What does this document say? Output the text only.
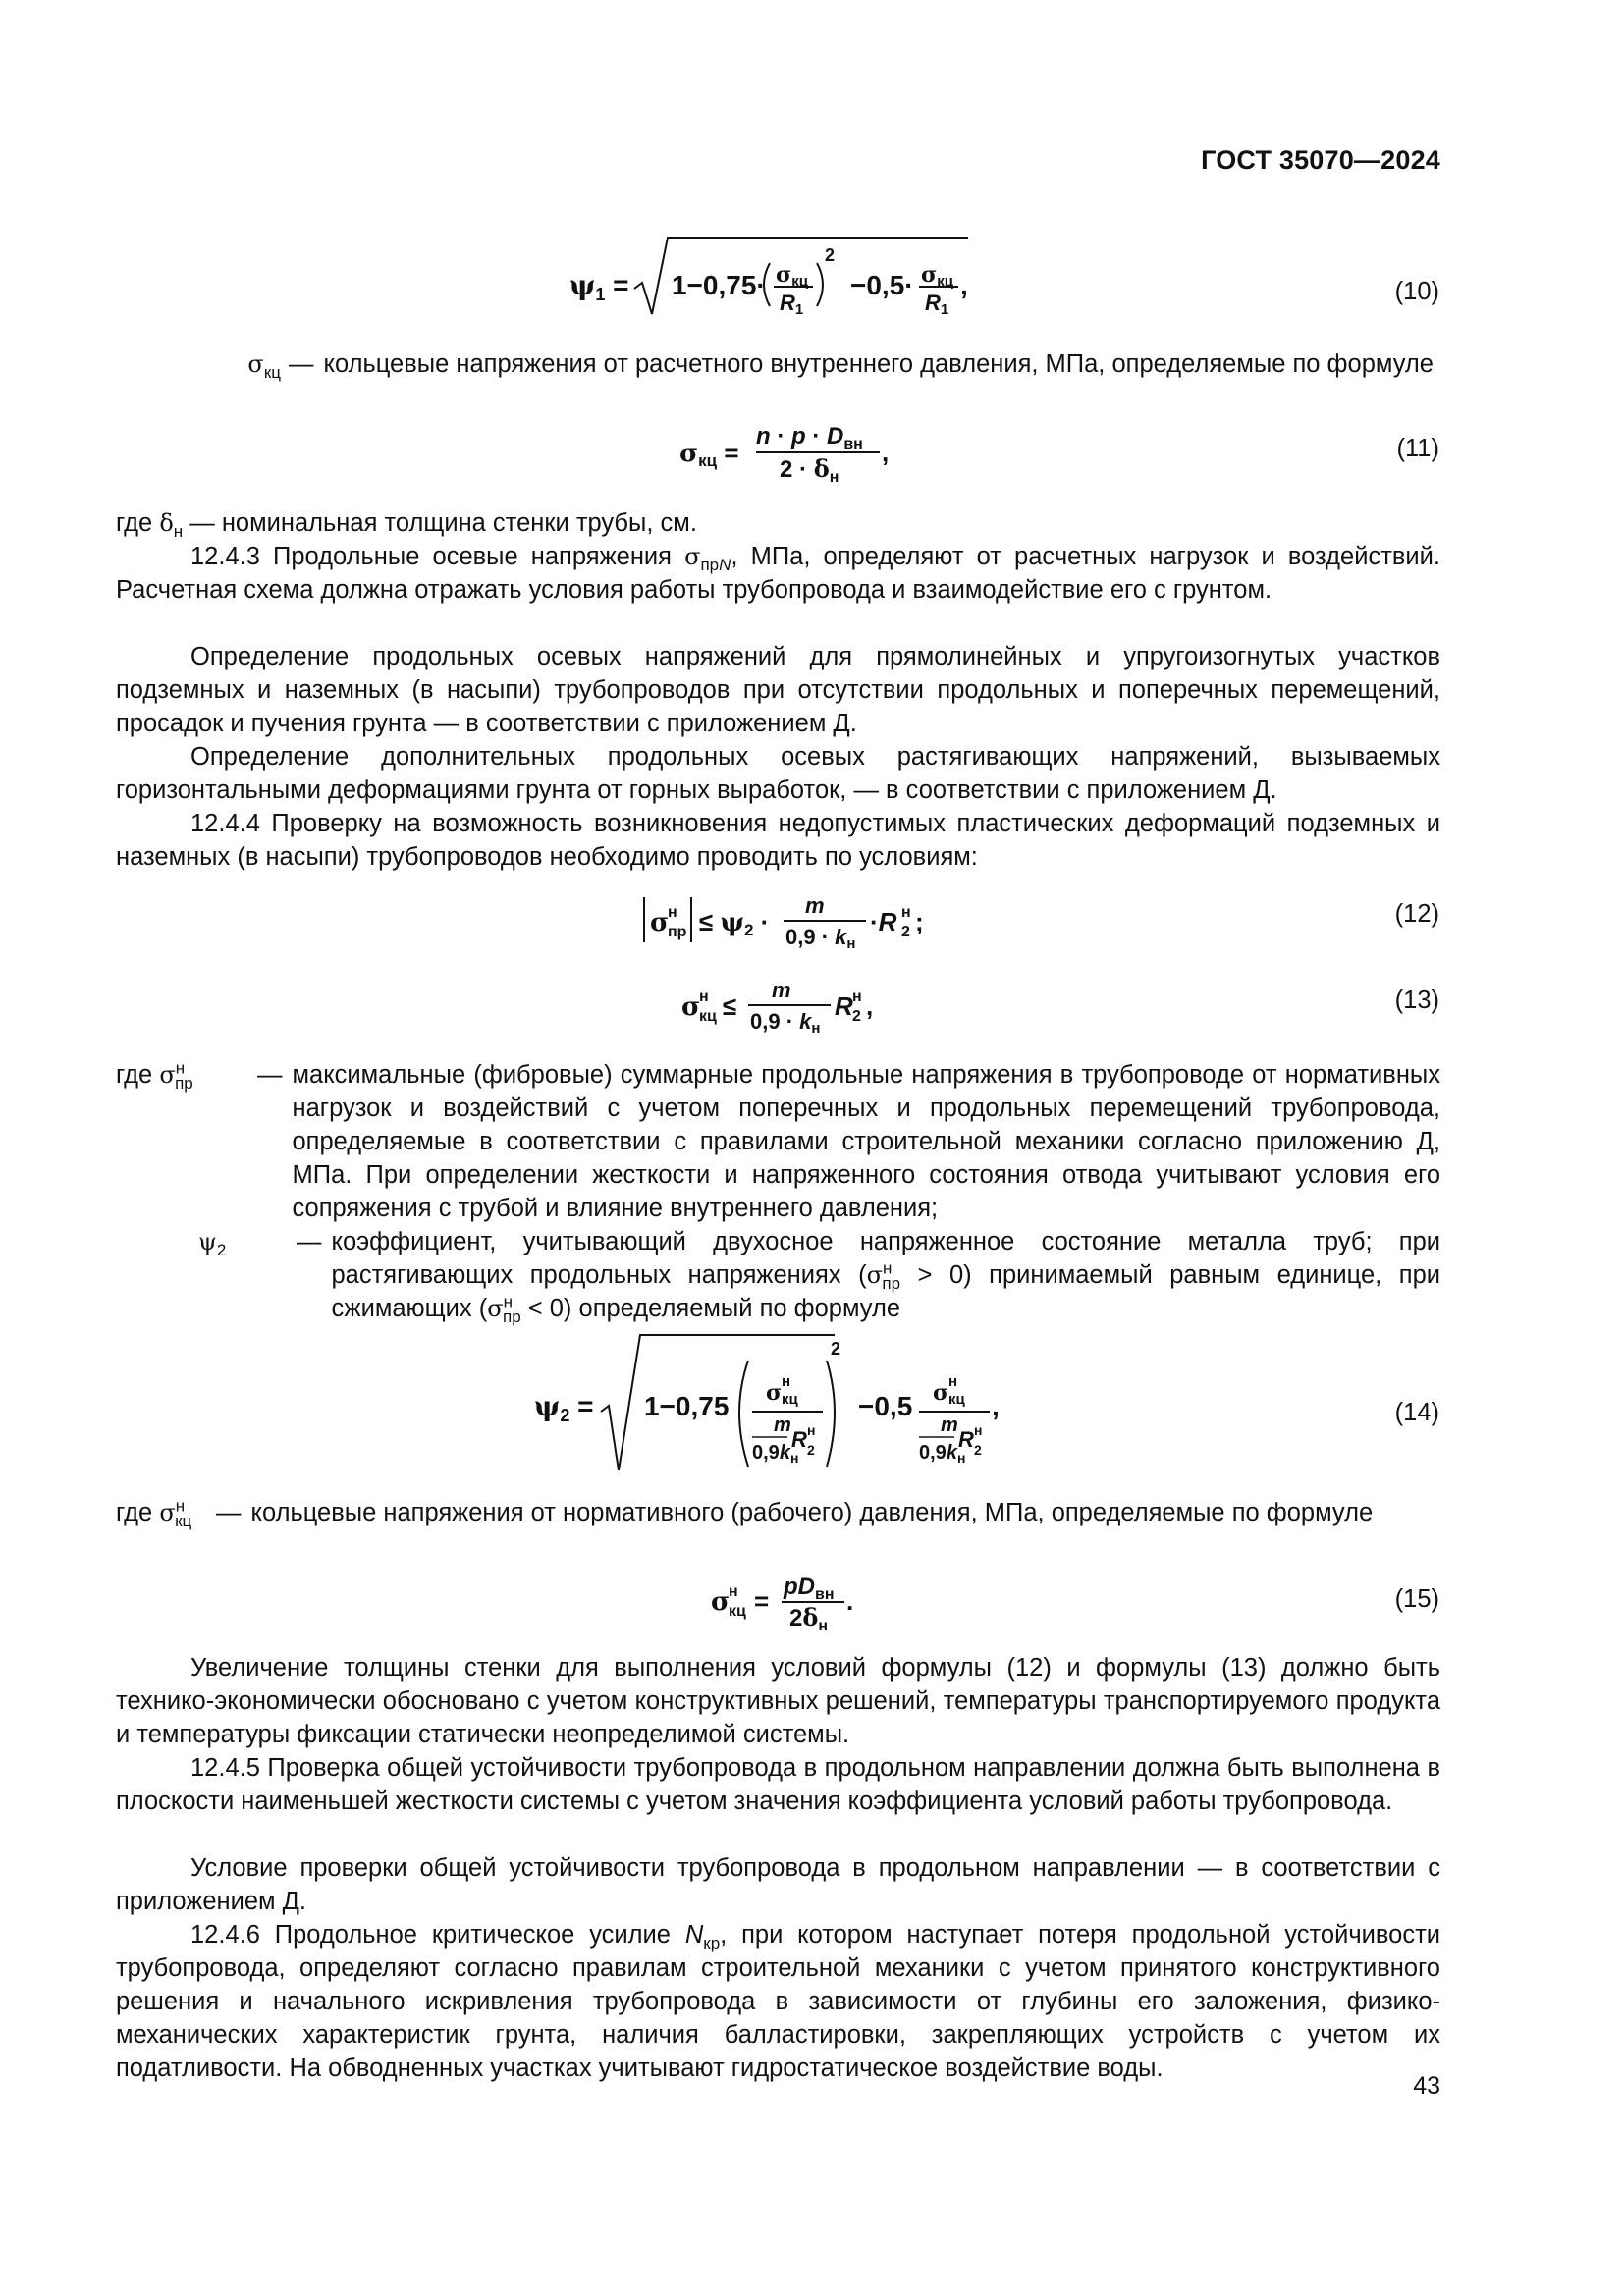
ГОСТ 35070—2024
$\psi_1 = 1-0,75\cdot \sigma кц$
R1
2
−0,5· σкц
R1
,	(10)
$\sigma_{кц}$ — кольцевые напряжения от расчетного внутреннего давления, МПа, определяемые по формуле
σкц =
$n \cdot p \cdot D_{вн}$
$2 \cdot \delta_н$
,	(11)
где $\delta_н$ — номинальная толщина стенки трубы, см.
12.4.3 Продольные осевые напряжения $\sigma_{прN}$, МПа, определяют от расчетных нагрузок и воздействий. Расчетная схема должна отражать условия работы трубопровода и взаимодействие его с грунтом.
Определение продольных осевых напряжений для прямолинейных и упругоизогнутых участков подземных и наземных (в насыпи) трубопроводов при отсутствии продольных и поперечных перемещений, просадок и пучения грунта — в соответствии с приложением Д.
Определение дополнительных продольных осевых растягивающих напряжений, вызываемых горизонтальными деформациями грунта от горных выработок, — в соответствии с приложением Д.
12.4.4 Проверку на возможность возникновения недопустимых пластических деформаций подземных и наземных (в насыпи) трубопроводов необходимо проводить по условиям:
σ
н
пр ≤ ψ2 ·
m
0,9 · kн
·R н
2 ;	(12)
σ
н
кц ≤
m
0,9 · kн
R н
2 ,	(13)
где $\sigma^н_{пр}$	— максимальные (фибровые) суммарные продольные напряжения в трубопроводе от нормативных нагрузок и воздействий с учетом поперечных и продольных перемещений трубопровода, определяемые в соответствии с правилами строительной механики согласно приложению Д, МПа. При определении жесткости и напряженного состояния отвода учитывают условия его сопряжения с трубой и влияние внутреннего давления;
$\psi_2$	— коэффициент, учитывающий двухосное напряженное состояние металла труб; при растягивающих продольных напряжениях $(\sigma^н_{пр} > 0)$ принимаемый равным единице, при сжимающих $(\sigma^н_{пр} < 0)$ определяемый по формуле
$\psi_2 = 1-0,75$ σ н
кц
m
$0,9k_н$
R н
2
2
−0,5 σ н
кц
m
$0,9k_н$
R н
2
,	(14)
где $\sigma^н_{кц}$ — кольцевые напряжения от нормативного (рабочего) давления, МПа, определяемые по формуле
σ
н
кц = $pD_{вн}$
$2\delta_н$
.	(15)
Увеличение толщины стенки для выполнения условий формулы (12) и формулы (13) должно быть технико-экономически обосновано с учетом конструктивных решений, температуры транспортируемого продукта и температуры фиксации статически неопределимой системы.
12.4.5 Проверка общей устойчивости трубопровода в продольном направлении должна быть выполнена в плоскости наименьшей жесткости системы с учетом значения коэффициента условий работы трубопровода.
Условие проверки общей устойчивости трубопровода в продольном направлении — в соответствии с приложением Д.
12.4.6 Продольное критическое усилие $N_{кр}$, при котором наступает потеря продольной устойчивости трубопровода, определяют согласно правилам строительной механики с учетом принятого конструктивного решения и начального искривления трубопровода в зависимости от глубины его заложения, физико-механических характеристик грунта, наличия балластировки, закрепляющих устройств с учетом их податливости. На обводненных участках учитывают гидростатическое воздействие воды.
43
